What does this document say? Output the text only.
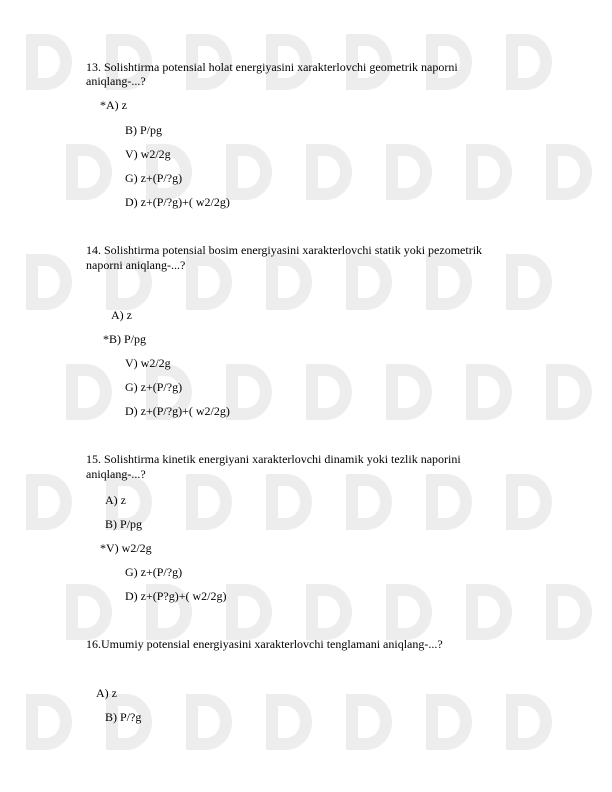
13. Solishtirma potensial holat energiyasini xarakterlovchi geometrik naporni
aniqlang-...?
*A) z
B) P/pg
V) w2/2g
G) z+(P/?g)
D) z+(P/?g)+( w2/2g)
14. Solishtirma potensial bosim energiyasini xarakterlovchi statik yoki pezometrik
naporni aniqlang-...?
A) z
*B) P/pg
V) w2/2g
G) z+(P/?g)
D) z+(P/?g)+( w2/2g)
15. Solishtirma kinetik energiyani xarakterlovchi dinamik yoki tezlik naporini
aniqlang-...?
A) z
B) P/pg
*V) w2/2g
G) z+(P/?g)
D) z+(P?g)+( w2/2g)
16.Umumiy potensial energiyasini xarakterlovchi tenglamani aniqlang-...?
A) z
B) P/?g
